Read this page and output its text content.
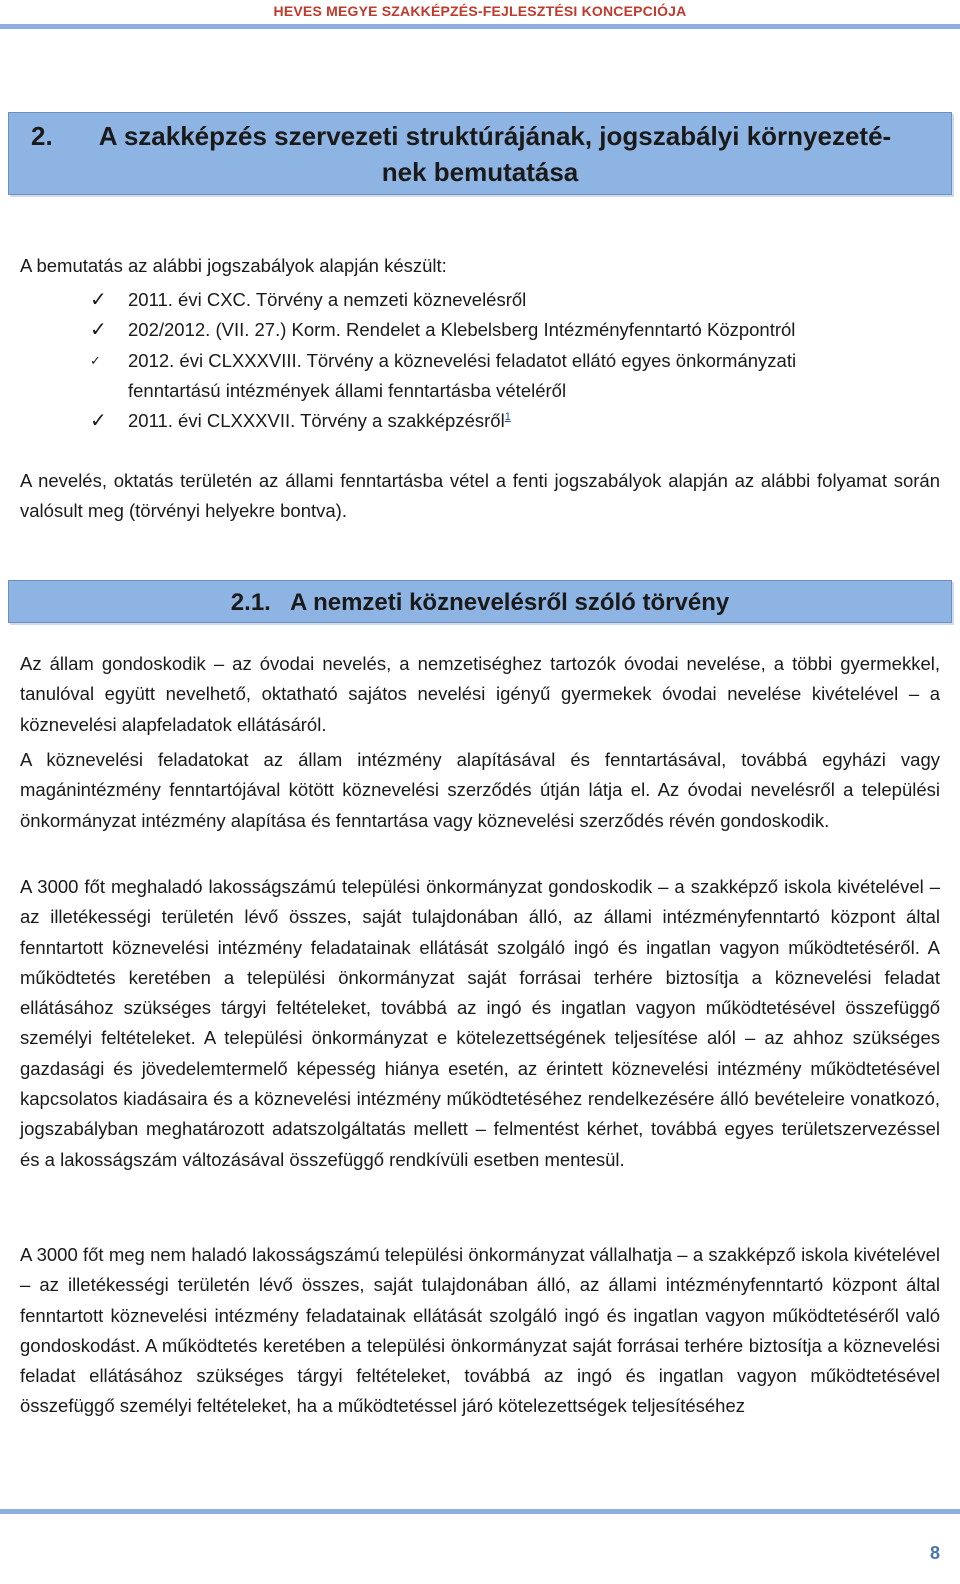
HEVES MEGYE SZAKKÉPZÉS-FEJLESZTÉSI KONCEPCIÓJA
2.	A szakképzés szervezeti struktúrájának, jogszabályi környezeté-
nek bemutatása

A bemutatás az alábbi jogszabályok alapján készült:

✓ 2011. évi CXC. Törvény a nemzeti köznevelésről
✓ 202/2012. (VII. 27.) Korm. Rendelet a Klebelsberg Intézményfenntartó Központról
✓ 2012. évi CLXXXVIII. Törvény a köznevelési feladatot ellátó egyes önkormányzati
fenntartású intézmények állami fenntartásba vételéről
✓ 2011. évi CLXXXVII. Törvény a szakképzésről$^1$

A nevelés, oktatás területén az állami fenntartásba vétel a fenti jogszabályok alapján az alábbi folyamat során valósult meg (törvényi helyekre bontva).

2.1. A nemzeti köznevelésről szóló törvény

Az állam gondoskodik – az óvodai nevelés, a nemzetiséghez tartozók óvodai nevelése, a többi gyermekkel, tanulóval együtt nevelhető, oktatható sajátos nevelési igényű gyermekek óvodai nevelése kivételével – a köznevelési alapfeladatok ellátásáról.

A köznevelési feladatokat az állam intézmény alapításával és fenntartásával, továbbá egyházi vagy magánintézmény fenntartójával kötött köznevelési szerződés útján látja el. Az óvodai nevelésről a települési önkormányzat intézmény alapítása és fenntartása vagy köznevelési szerződés révén gondoskodik.

A 3000 főt meghaladó lakosságszámú települési önkormányzat gondoskodik – a szakképző iskola kivételével – az illetékességi területén lévő összes, saját tulajdonában álló, az állami intézményfenntartó központ által fenntartott köznevelési intézmény feladatainak ellátását szolgáló ingó és ingatlan vagyon működtetéséről. A működtetés keretében a települési önkormányzat saját forrásai terhére biztosítja a köznevelési feladat ellátásához szükséges tárgyi feltételeket, továbbá az ingó és ingatlan vagyon működtetésével összefüggő személyi feltételeket. A települési önkormányzat e kötelezettségének teljesítése alól – az ahhoz szükséges gazdasági és jövedelemtermelő képesség hiánya esetén, az érintett köznevelési intézmény működtetésével kapcsolatos kiadásaira és a köznevelési intézmény működtetéséhez rendelkezésére álló bevételeire vonatkozó, jogszabályban meghatározott adatszolgáltatás mellett – felmentést kérhet, továbbá egyes területszervezéssel és a lakosságszám változásával összefüggő rendkívüli esetben mentesül.

A 3000 főt meg nem haladó lakosságszámú települési önkormányzat vállalhatja – a szakképző iskola kivételével – az illetékességi területén lévő összes, saját tulajdonában álló, az állami intézményfenntartó központ által fenntartott köznevelési intézmény feladatainak ellátását szolgáló ingó és ingatlan vagyon működtetéséről való gondoskodást. A működtetés keretében a települési önkormányzat saját forrásai terhére biztosítja a köznevelési feladat ellátásához szükséges tárgyi feltételeket, továbbá az ingó és ingatlan vagyon működtetésével összefüggő személyi feltételeket, ha a működtetéssel járó kötelezettségek teljesítéséhez

8
